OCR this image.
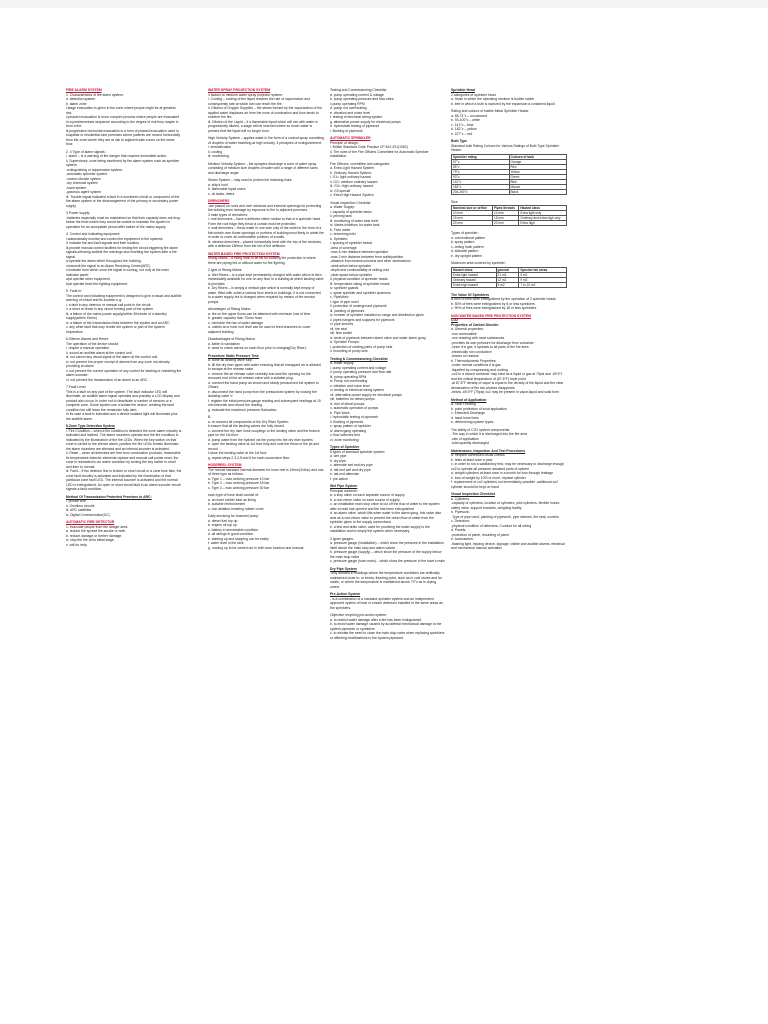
FIRE ALARM SYSTEM

1. Characteristics of fire alarm system:

a. detection system

b. alarm zone

i.stage evacuation is given in the zone where people might be at greatest risk.

ii.phased evacuation is more complex process where people are evacuated in a predetermined sequence according to the degree of risk they maybe in from a fire.

iii.progressive horizontal evacuation is a form of phased evacuation used in hospitals or residential care premises where patients are moved horizontally from the zone where they are at risk to adjacent safe zones on the same floor.

2. 4 Type of alarm signals:

i. alarm – is a warning of fire danger that requires immediate action.

ii. Supervisory: zone being monitored by fire alarm system such as sprinkler system.

-extinguishing or suppression system:

-automatic sprinkler system

-carbon dioxide system

-dry chemical system

-foam system

-gaseous agent system

iii. Trouble signal indicated a fault in a monitored circuit or component of the fire alarm system or the disarrangement of the primary or secondary power supply.

3.Power supply:

-batteries especially must be maintained so that their capacity does not drop below the level where they would be unable to maintain the system in operation for an acceptable period after failure of the mains supply.

4. Control and indicating equipment:

i.automatically monitor and control the equipment in the systems.

ii. indicate fire and fault signals and their location.

iii.provide manual control facilities for testing the circuit,triggering fire alarm signals,silencing audible fire warnings and resetting the system after a fire signal.

iv.operate the alarm either throughout the building.

v.transmit the signal to an Alarm Receiving Centre(ARC)

vi.indicate form which zone the signal is coming, not only at the main indicator panel:

a)at operate other equipment

b)at operate fixed fire-fighting equipment.

5. Fault in:

The control and indicating equipment is designed to give a visual and audible warning of a fault and its location e.g:

i. a fault in any detector or manual call point in the circuit

ii. a short or break in any circuit forming part of the system

iii. a failure of the mains power supply(within 30minute of a standby supply)within 15min)

iv. a failure of the transmission links between the system and an ARC

v. any other fault that may render the system or part of the system inoperative.

6.Silence Alarms and Reset:

The operation of the device should:

i. require a manual operation.

ii. sound an audible alarm at the control unit.

iii. not cancel any visual signal of fire alarm at the control unit.

iv. not prevent the proper receipt of alarms from any zone not already providing an alarm

v. not prevent the correct operation of any control for starting or restarting fire alarm sounder.

vi. not prevent the transmission of an alarm to an ARC.

7.Fault Level:

This is a fault on any part of the system. The fault indicator LED will illuminate, an audible alarm signal operates and possibly a LCD display and printout also occur. In order not to deactivate a number of sensors or a complete zone. Some system use a isolate the device. creating the fault condition but still leave the remainder fully alert.

In its case a fault is indicated and a device isolated light will illuminate plus the audible alarm.

8.Zone Type Detection System

i. Fire Condition – when a fire condition is detected the zone alarm circuitry is activated and latched. The alarm sounders operate and the fire condition is indicated by the illumination of the fire LEDs. When the key switch on that zone is turned to the silence alarm, position the fire LEDs remain illuminate, the alarm sounders are silenced and an internal sounder is activated.

ii. Reset – when all detectors are free from combustion products, reasonable fix temperature detector elements replace and manual call points reset, the zone is reinstated to an active condition by turning the key switch to reset and then to normal.

iii. Fault – If the detector line is broken,or short circuit or a zone fuse fails, the zone fault circuitry is activated and indicated by the illumination of that particular zone fault LED. The internal sounder is activated and the normal LED is extinguished. An open or short circuit fault in an alarm sounder circuit signals a fault condition.

Method Of Transmission Protected Premises to ARC:

i. private wire

ii. Omnibus circuits

iii. ARC satellites

iv. Digital Communicator(DC)

AUTOMATIC FIRE DETECTOR

1. evacuate people from the danger area.

a. reduce the spread fire,smoke or both.

b. reduce damage or further damage.

iv. stop the fire at its initial stage.

v. call for help.

WATER SPRAY PROJECTION SYSTEM

3 factors to medium water spray projector system:

i. Cooling – cooling of the liquid reduces the rate of vaporization and consequently rate at which fuel can reach the fire.

ii. Dilution of Oxygen Supplies – the steam formed by the vaporization of the applied water displaces air form the zone of combustion and thus tends to smother the fire.

iii. Dilution of the Liquid – if a flammable liquid which will mix with water is progressively diluted, a stage will be reached where so much water is present that the liquid will no longer burn.

High Velocity System – applies water in the form of a conical spray consisting of droplets of water travelling at high velocity, 3 principles of extinguishment:

i. emulsification

ii. cooling

iii. smothering

Medium Velocity System – the sprayers discharge a cone of water spray consisting of medium size droplets of water with a range of different sizes and discharge angle.

Steam System – may used to protect the following risks:

a. ship's hold

b. flammable liquid users

c. oil tanks, driers

DRENCHERS

-are placed on roofs and over windows and external openings for protecting the building from damage by exposure to fire in adjacent premises.

3 main types of drenchers:

i. roof drenchers – have a deflector rather similar to that of a sprinkler head. Form the roof ridge they throw a curtain must be protected.

ii. wall drenchers – throw water in one side only of the outlet in the form of a flat curtain over those openings or portions of building most likely to admit fire in order to cover all combustible portions of a walls.

iii. window drenchers – placed horizontally level with the top of the windows, with a deflector 180mm from the foil of the deflector.

WATER BASED FIRE PROTECTION SYSTEM

Rising Mains – a rising main is terms for building fire protection is where there are piping fed or without water for fire fighting.

2 type of Rising Mains:

a. Wet Risers – is a pipe kept permanently charged with water which is then immediately available for use on any floor in a building at which landing valve is provided.

b. Dry Risers – is simply a vertical pipe which is normally kept empty of water, fitted with outlet a various floor levels in buildings. It is not connected to a water supply but is charged when required by means of fire service pumps.

Advantages of Rising Mains:

a. fire on the upper floors can be attacked with minimum loss of time

b. greater capacity than 70mm hose

c. minimize the risk of water damage

d. outlets at or near roof level can be used to feed branches to cover adjacent building

Disadvantages of Rising Mains:

a. liable to vandalism

b. need to check valves on each floor prior to charging(Dry Riser).

Procedure Static Pressure Test:

a. close all landing valve fully.

b. fill the dry riser pipes with water ensuring that all entrapped air is allowed to escape at the release valve.

c. remove the air release valve carefully and seal the opening for the removed end of the air release valve with a suitable plug.

d. connect the hand pump as shown and slowly pressurized the system to 20bars

e. disconnect the hand pump from the pressurized system by closing the isolating valve V.

f. register the initial pressure gauge reading and subsequent readings at 15 min intervals and record the reading.

g. evaluate the maximum pressure fluctuation.

B.

a. re-connect all components of the Dry Riser System.

b.ensure that all the landing valves are fully closed.

c. connect the dry riser hose couplings to the landing valve and the branch pipe for the 1st floor.

d. pump water from the hydrant via the pump into the dry riser system.

e. open the landing valve at 1st floor fully and note the throw of the jet and record.

f.close the landing valve at the 1st floor

g. repeat steps 2,3,4,5 and 6 for each successive floor.

HOSEREEL SYSTEM

The normal standard internal diameter for hose reel is 19mm(3/4inc) and one of three type as follows:

a. Type 1 – max working pressure 10 bar

b. Type 2 – max working pressure 18 bar

c. Type 3 – max working pressure 30 bar

each type of hose shall consist of:

a. an inner rubber tube as lining

b. suitable reinforcement

c. non ablation-resisting rubber cover

Daily servicing for hosereel pump:

a. diesel fuel top up

b. engine oil top up

c. battery in serviceable condition

d. all wirings in good condition

e. starting up and stopping can be easily

f. water level in the tank

g. running up to be carried out in both auto function and manual

Testing and Commissioning Checklist:

a. pump operating current & voltage

b. pump operating pressure and flow rates

c.pump operating RPM

d. pump not overheating

e. vibration and noise level

f. testing of electrical wiring system

g. alternative power supply for electrical pumps

h. hydrostatic testing of pipework

i. flushing of pipework

AUTOMATIC SPRINKLER

Principle of design:

i. British Standard Code Practice CP 402-201(1952)

ii. The rules of the Fire Officers Committee for Automatic Sprinkler Installation.

Fire Officers, committee rest categories:

a. Extra Light Hazard System

b. Ordinary Hazard System:

i. G1= light ordinary hazard

ii. G2= medium ordinary hazard

iii. G3= High ordinary hazard

iv. G3 special

c. Extra High Hazard System

Visual Inspection Checklist:

a. Water Supply:

i. capacity of sprinkler tanks

ii. priming tank

iii. monitoring of water tank level

iv. Varies inhibitors for water tank

b. Flow meter

c. breeching inlet

b. Sprinkler:

i. spacing of sprinkler heads

-area of coverage

-max & min distance between sprinkler

-max 2 min distance between from walls/partition

-distance from beams,columns and other obstructions

-obstruction below sprinkler

-depth and combustibility of ceiling void

-clear space below sprinkler

ii. physical condition of sprinkler heads

iii. temperature rating of sprinkler heads

iv. sprinkler guards

v. spare sprinkler and sprinkler spanners

c. PipeWork:

i. type of pipe used

ii. protection of underground pipework

iii. painting of pipework

iv. number of sprinkler installed on range and distribution pipes

v. pipes hangers and supports for pipework

vi. pipe sleeves

vii. fire seal

viii. flow switch

ix. tests of pipework between alarm valve and water alarm gong

d. Sprinkler Pumps:

i. protection of rotating parts of pump sets

ii. mounting of pump sets

Testing & Commissioning Checklist

a. Water supply:

i. pump operating current and voltage

ii. pump operating pressure and flow rate

iii. pump operating RPM

iv. Pump not overheating

v. vibration and noise level

vi. testing of electrical wiring system

vii. alternative power supply for electrical pumps

viii. batteries for diesel pumps

ix. fuel of diesel pumps

x. automatic operation of pumps

b. Pipe Work:

i. hydrostatic testing of pipework

ii. flushing of pipework

c. spray pattern of sprinkler

iv. alarm gang operating

v. flow switches test

vi. zone monitoring

Types of Sprinkler

6 types of standard sprinkler system:

a. wet pipe

b. dry pipe

c. alternate wet and dry pipe

d. tail-end wet and dry pipe

e. tail-end alternate

f. pre-action

Wet Pipe System

Principal contents:

a. a stop valve on each separate source of supply

b. a non-return valve on each source of supply

c. an installation main stop valve to cut off the flow of water to the system after a head has opened and fire has been extinguished

d. an alarm valve, which lifts when water to the alarm gong, this valve also acts as a non-return valve to prevent the return flow of water from the sprinkler pipes to the supply connections

e. a test and drain valve, used for providing the water supply to the installation and to empty the system when necessary.

3 types gauges:

a. pressure gauge (installation) – which show the pressure in the installation itself above the main stop and alarm valves

b. pressure gauge (supply) – which show the pressure of the supply below the main stop valve

c. pressure gauge (town main) – which show the pressure in the town's main

Dry Pipe System

-only allowed in buildings where the temperature conditions are artificially maintained close to, or below, freezing point, such as in cold stores and fur vaults, or where the temperature is maintained above 70°c as in drying ovens.

Pre-Action System

- is a combination of a standard sprinkler system and an independent approved system of heat or smoke detectors installed in the same areas as the sprinklers.

Objective recycling pre-action system:

a. to restrict water damage after a fire has been extinguished

b. to avoid water damage caused by accidental mechanical damage to the system pipework or sprinklers

c. to elevate the need to close the main stop valve when replacing sprinklers or affecting modifications to the system pipework.

Sprinkler Head

2 categories of sprinkler head:

a. those in which the operating medium is fusible solder

b. bee in which a bulb is ruptured by the expansion a contained liquid

Rating and colours of fusible Metal Sprinkler Heads:

a. 68-74°c – uncoloured

b. 93-100°c – white

c. 141°c – blue

d. 182°c – yellow

e. 227°c – red

Bulb Type

Standard bulb Rating Colours for Various Ratings of Bulb Type Sprinkler Heads:

Sprinkler rating	Colours of bulb
57°c	Orange
68°c	Red
79°c	Yellow
93°c	Green
141°c	Blue
182°c	Mauve
204-260°c	Black

Size

Nominal size or orifice	Pipes threads	Hazard class
10 mm	10 mm	Extra light only
15 mm	15 mm	Ordinary and extra high only
20 mm	20 mm	Extra high

Types of sprinkler:

a. conventional pattern

b. spray pattern

c. ceiling flush pattern

d. sidewall pattern

e. dry upright pattern

Maximum area covered by sprinkler:

Hazard class	general	Special risk areas
Extra light hazard	21 m2	9 m2
Ordinary hazard	12 m2	9 m2
Extra high hazard	9 m2	7 to 10 m2

The Value Of Sprinklers

a.55% of fires were extinguished by the operation of 2 sprinkler heads

b. 80% of fires were extinguished by 8 or less sprinklers

c. 90% of fires were extinguished by 18 or less sprinklers

NON WATER BASED FIRE PROTECTION SYSTEM

CO2

Properties of Carbon Dioxide:

a. General properties:

-non combustible

-non reacting with most substances

-provides its own pressure for discharge from container

-since it is gas, it spreads to all parts of the fire area

-electrically non conductive

-leaves no residue

b. Thermodynamic Properties:

-under normal conditions it is gas

-liquefied by compressing and cooling

-co2 in a closed container may exist as a liquid or gas at 75psi and -69.9°f and the critical temperature of (87.8°F) triple point

-at 87.8°F density of vapor is equal to the density of the liquid and the clear demarcation of the two phases disappears

-below -69.9°F (75psi) co2 may be present in vapor,liquid and solid form

Method of Application

a. Total Flooding

b. point protection of local application

c. Extended Discharge

d. hand hose lines

e. determining system types:

The ability of CO2 system components:

-The way in which it is discharged into the fire area

-rate of application

-total quantity discharged

Maintenance, Inspection And Test Procedures

a. frequent scheduled visual checks

b. tests at least once a year

c. in order to run a satisfactory test, may be necessary to discharge enough co2 to operate all pressure actuated parts of system

d. weight cylinders at least once in a month for loss through leakage

e. loss of weight by 10% or more, replace cylinder

f. replacement of co2 cylinders not immediately possible -additional co2 cylinder should be kept on hand

Visual Inspection Checklist

a. Cylinders:

-capacity of cylinders, location of cylinders, pilot cylinders, flexible hoses, safety valve, support brackets, weighing facility

b. Pipework:

-Type of pipe used, painting of pipework, pipe sleeves, fire seal, nozzles

c. Detectors:

-physical condition of detectors, Conduct for all wiring

d. Panels:

-protection of panel, mounting of panel

e. Accessories:

-flashing light, tripping device, signage, visible and audible alarms, electrical and mechanical manual activation
